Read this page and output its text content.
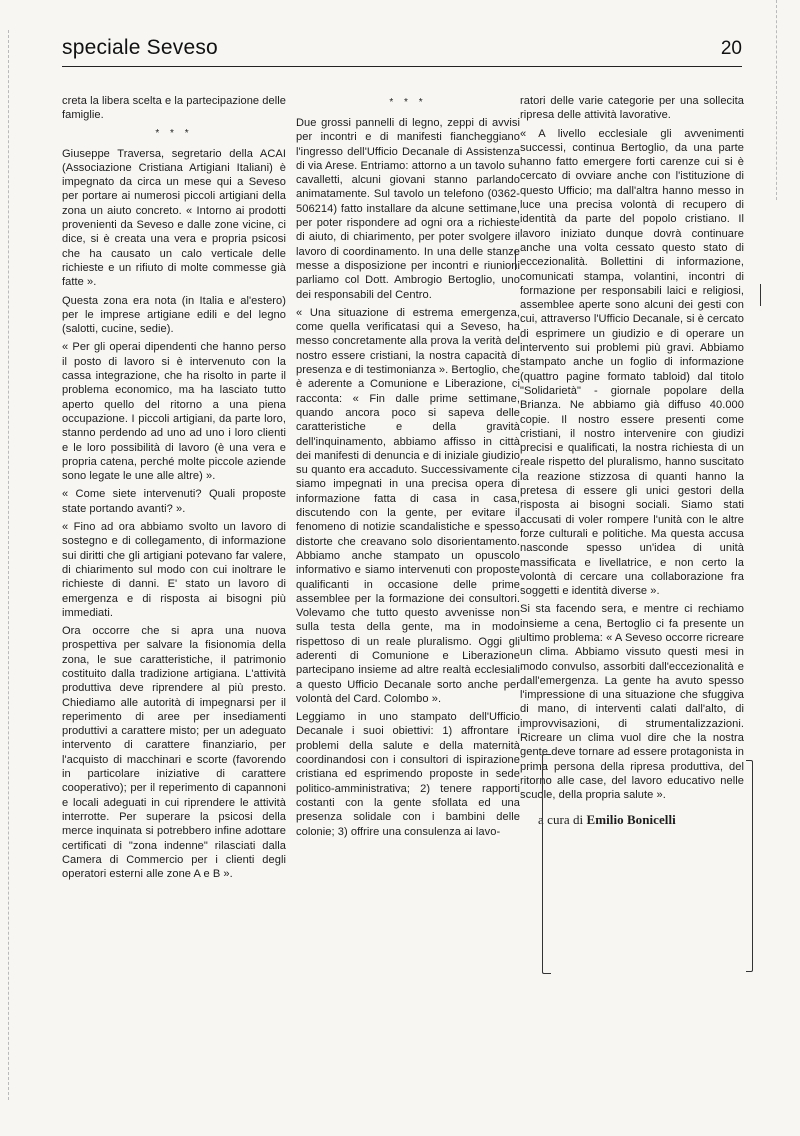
speciale Seveso	20

creta la libera scelta e la partecipazione delle famiglie.

* * *

Giuseppe Traversa, segretario della ACAI (Associazione Cristiana Artigiani Italiani) è impegnato da circa un mese qui a Seveso per portare ai numerosi piccoli artigiani della zona un aiuto concreto. « Intorno ai prodotti provenienti da Seveso e dalle zone vicine, ci dice, si è creata una vera e propria psicosi che ha causato un calo verticale delle richieste e un rifiuto di molte commesse già fatte ».

Questa zona era nota (in Italia e al'estero) per le imprese artigiane edili e del legno (salotti, cucine, sedie).

« Per gli operai dipendenti che hanno perso il posto di lavoro si è intervenuto con la cassa integrazione, che ha risolto in parte il problema economico, ma ha lasciato tutto aperto quello del ritorno a una piena occupazione. I piccoli artigiani, da parte loro, stanno perdendo ad uno ad uno i loro clienti e le loro possibilità di lavoro (è una vera e propria catena, perché molte piccole aziende sono legate le une alle altre) ».

« Come siete intervenuti? Quali proposte state portando avanti? ».

« Fino ad ora abbiamo svolto un lavoro di sostegno e di collegamento, di informazione sui diritti che gli artigiani potevano far valere, di chiarimento sul modo con cui inoltrare le richieste di danni. E' stato un lavoro di emergenza e di risposta ai bisogni più immediati.

Ora occorre che si apra una nuova prospettiva per salvare la fisionomia della zona, le sue caratteristiche, il patrimonio costituito dalla tradizione artigiana. L'attività produttiva deve riprendere al più presto. Chiediamo alle autorità di impegnarsi per il reperimento di aree per insediamenti produttivi a carattere misto; per un adeguato intervento di carattere finanziario, per l'acquisto di macchinari e scorte (favorendo in particolare iniziative di carattere cooperativo); per il reperimento di capannoni e locali adeguati in cui riprendere le attività interrotte. Per superare la psicosi della merce inquinata si potrebbero infine adottare certificati di "zona indenne" rilasciati dalla Camera di Commercio per i clienti degli operatori esterni alle zone A e B ».

* * *

Due grossi pannelli di legno, zeppi di avvisi per incontri e di manifesti fiancheggiano l'ingresso dell'Ufficio Decanale di Assistenza di via Arese. Entriamo: attorno a un tavolo su cavalletti, alcuni giovani stanno parlando animatamente. Sul tavolo un telefono (0362-506214) fatto installare da alcune settimane, per poter rispondere ad ogni ora a richieste di aiuto, di chiarimento, per poter svolgere il lavoro di coordinamento. In una delle stanze messe a disposizione per incontri e riunioni parliamo col Dott. Ambrogio Bertoglio, uno dei responsabili del Centro.

« Una situazione di estrema emergenza, come quella verificatasi qui a Seveso, ha messo concretamente alla prova la verità del nostro essere cristiani, la nostra capacità di presenza e di testimonianza ». Bertoglio, che è aderente a Comunione e Liberazione, ci racconta: « Fin dalle prime settimane, quando ancora poco si sapeva delle caratteristiche e della gravità dell'inquinamento, abbiamo affisso in città dei manifesti di denuncia e di iniziale giudizio su quanto era accaduto. Successivamente ci siamo impegnati in una precisa opera di informazione fatta di casa in casa, discutendo con la gente, per evitare il fenomeno di notizie scandalistiche e spesso distorte che creavano solo disorientamento. Abbiamo anche stampato un opuscolo informativo e siamo intervenuti con proposte qualificanti in occasione delle prime assemblee per la formazione dei consultori. Volevamo che tutto questo avvenisse non sulla testa della gente, ma in modo rispettoso di un reale pluralismo. Oggi gli aderenti di Comunione e Liberazione partecipano insieme ad altre realtà ecclesiali a questo Ufficio Decanale sorto anche per volontà del Card. Colombo ».

Leggiamo in uno stampato dell'Ufficio Decanale i suoi obiettivi: 1) affrontare i problemi della salute e della maternità coordinandosi con i consultori di ispirazione cristiana ed esprimendo proposte in sede politico-amministrativa; 2) tenere rapporti costanti con la gente sfollata ed una presenza solidale con i bambini delle colonie; 3) offrire una consulenza ai lavo-

ratori delle varie categorie per una sollecita ripresa delle attività lavorative.

« A livello ecclesiale gli avvenimenti successi, continua Bertoglio, da una parte hanno fatto emergere forti carenze cui si è cercato di ovviare anche con l'istituzione di questo Ufficio; ma dall'altra hanno messo in luce una precisa volontà di recupero di identità da parte del popolo cristiano. Il lavoro iniziato dunque dovrà continuare anche una volta cessato questo stato di eccezionalità. Bollettini di informazione, comunicati stampa, volantini, incontri di formazione per responsabili laici e religiosi, assemblee aperte sono alcuni dei gesti con cui, attraverso l'Ufficio Decanale, si è cercato di esprimere un giudizio e di operare un intervento sui problemi più gravi. Abbiamo stampato anche un foglio di informazione (quattro pagine formato tabloid) dal titolo "Solidarietà" - giornale popolare della Brianza. Ne abbiamo già diffuso 40.000 copie. Il nostro essere presenti come cristiani, il nostro intervenire con giudizi precisi e qualificati, la nostra richiesta di un reale rispetto del pluralismo, hanno suscitato la reazione stizzosa di quanti hanno la pretesa di essere gli unici gestori della risposta ai bisogni sociali. Siamo stati accusati di voler rompere l'unità con le altre forze culturali e politiche. Ma questa accusa nasconde spesso un'idea di unità massificata e livellatrice, e non certo la volontà di cercare una collaborazione fra soggetti e identità diverse ».

Si sta facendo sera, e mentre ci rechiamo insieme a cena, Bertoglio ci fa presente un ultimo problema: « A Seveso occorre ricreare un clima. Abbiamo vissuto questi mesi in modo convulso, assorbiti dall'eccezionalità e dall'emergenza. La gente ha avuto spesso l'impressione di una situazione che sfuggiva di mano, di interventi calati dall'alto, di improvvisazioni, di strumentalizzazioni. Ricreare un clima vuol dire che la nostra gente deve tornare ad essere protagonista in prima persona della ripresa produttiva, del ritorno alle case, del lavoro educativo nelle scuole, della propria salute ».

a cura di Emilio Bonicelli
